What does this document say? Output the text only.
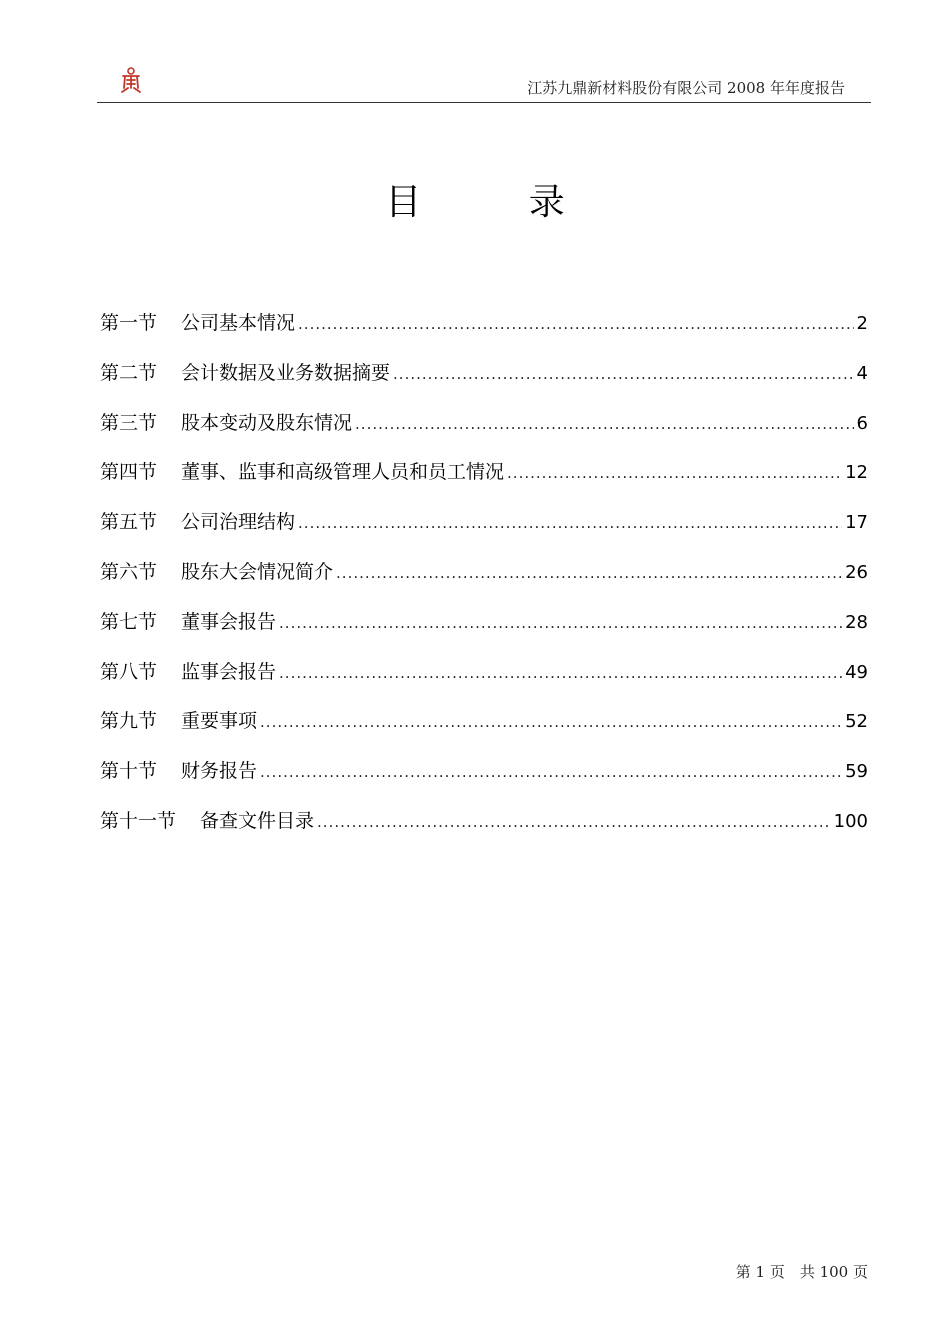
江苏九鼎新材料股份有限公司 2008 年年度报告
目 录
第一节 公司基本情况 .....	2
第二节 会计数据及业务数据摘要 .....	4
第三节 股本变动及股东情况 .....	6
第四节 董事、监事和高级管理人员和员工情况 .....	12
第五节 公司治理结构 .....	17
第六节 股东大会情况简介 .....	26
第七节 董事会报告 .....	28
第八节 监事会报告 .....	49
第九节 重要事项 .....	52
第十节 财务报告 .....	59
第十一节 备查文件目录 .....	100
第 1 页　共 100 页
